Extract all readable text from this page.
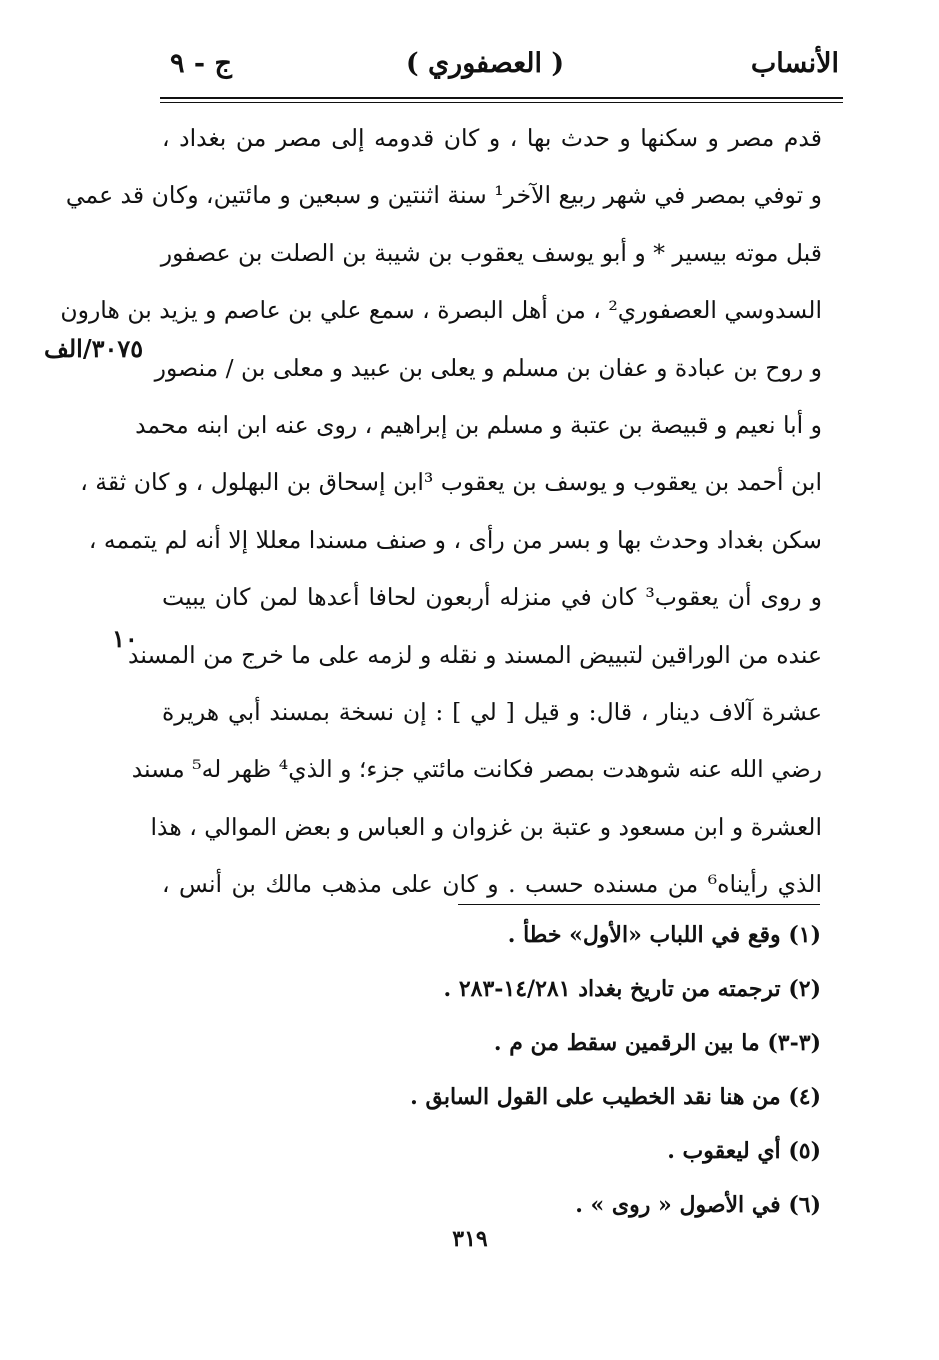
الأنساب
( العصفوري )
ج - ٩
٣٠٧٥/الف
١٠
قدم مصر و سكنها و حدث بها ، و كان قدومه إلى مصر من بغداد ،
و توفي بمصر في شهر ربيع الآخر¹ سنة اثنتين و سبعين و مائتين، وكان قد عمي
قبل موته بيسير * و أبو يوسف يعقوب بن شيبة بن الصلت بن عصفور
السدوسي العصفوري² ، من أهل البصرة ، سمع علي بن عاصم و يزيد بن هارون
و روح بن عبادة و عفان بن مسلم و يعلى بن عبيد و معلى بن / منصور
و أبا نعيم و قبيصة بن عتبة و مسلم بن إبراهيم ، روى عنه ابن ابنه محمد
ابن أحمد بن يعقوب و يوسف بن يعقوب ³ابن إسحاق بن البهلول ، و كان ثقة ،
سكن بغداد وحدث بها و بسر من رأى ، و صنف مسندا معللا إلا أنه لم يتممه ،
و روى أن يعقوب³ كان في منزله أربعون لحافا أعدها لمن كان يبيت
عنده من الوراقين لتبييض المسند و نقله و لزمه على ما خرج من المسند
عشرة آلاف دينار ، قال: و قيل [ لي ] : إن نسخة بمسند أبي هريرة
رضي الله عنه شوهدت بمصر فكانت مائتي جزء؛ و الذي⁴ ظهر له⁵ مسند
العشرة و ابن مسعود و عتبة بن غزوان و العباس و بعض الموالي ، هذا
الذي رأيناه⁶ من مسنده حسب . و كان على مذهب مالك بن أنس ،
(١) وقع في اللباب «الأول» خطأ .
(٢) ترجمته من تاريخ بغداد ١٤/٢٨١-٢٨٣ .
(٣-٣) ما بين الرقمين سقط من م .
(٤) من هنا نقد الخطيب على القول السابق .
(٥) أي ليعقوب .
(٦) في الأصول « روى » .
٣١٩
